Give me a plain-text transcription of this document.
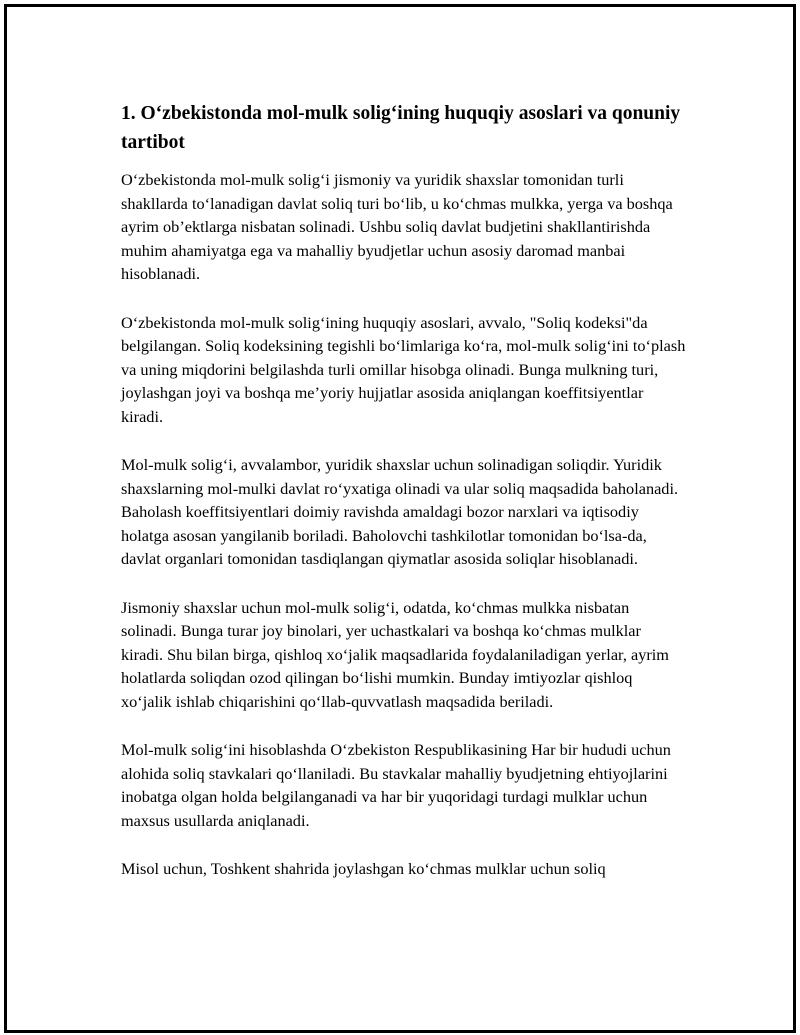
1. O‘zbekistonda mol-mulk solig‘ining huquqiy asoslari va qonuniy tartibot

O‘zbekistonda mol-mulk solig‘i jismoniy va yuridik shaxslar tomonidan turli shakllarda to‘lanadigan davlat soliq turi bo‘lib, u ko‘chmas mulkka, yerga va boshqa ayrim ob’ektlarga nisbatan solinadi. Ushbu soliq davlat budjetini shakllantirishda muhim ahamiyatga ega va mahalliy byudjetlar uchun asosiy daromad manbai hisoblanadi.

O‘zbekistonda mol-mulk solig‘ining huquqiy asoslari, avvalo, "Soliq kodeksi"da belgilangan. Soliq kodeksining tegishli bo‘limlariga ko‘ra, mol-mulk solig‘ini to‘plash va uning miqdorini belgilashda turli omillar hisobga olinadi. Bunga mulkning turi, joylashgan joyi va boshqa me’yoriy hujjatlar asosida aniqlangan koeffitsiyentlar kiradi.

Mol-mulk solig‘i, avvalambor, yuridik shaxslar uchun solinadigan soliqdir. Yuridik shaxslarning mol-mulki davlat ro‘yxatiga olinadi va ular soliq maqsadida baholanadi. Baholash koeffitsiyentlari doimiy ravishda amaldagi bozor narxlari va iqtisodiy holatga asosan yangilanib boriladi. Baholovchi tashkilotlar tomonidan bo‘lsa-da, davlat organlari tomonidan tasdiqlangan qiymatlar asosida soliqlar hisoblanadi.

Jismoniy shaxslar uchun mol-mulk solig‘i, odatda, ko‘chmas mulkka nisbatan solinadi. Bunga turar joy binolari, yer uchastkalari va boshqa ko‘chmas mulklar kiradi. Shu bilan birga, qishloq xo‘jalik maqsadlarida foydalaniladigan yerlar, ayrim holatlarda soliqdan ozod qilingan bo‘lishi mumkin. Bunday imtiyozlar qishloq xo‘jalik ishlab chiqarishini qo‘llab-quvvatlash maqsadida beriladi.

Mol-mulk solig‘ini hisoblashda O‘zbekiston Respublikasining Har bir hududi uchun alohida soliq stavkalari qo‘llaniladi. Bu stavkalar mahalliy byudjetning ehtiyojlarini inobatga olgan holda belgilanganadi va har bir yuqoridagi turdagi mulklar uchun maxsus usullarda aniqlanadi.

Misol uchun, Toshkent shahrida joylashgan ko‘chmas mulklar uchun soliq
